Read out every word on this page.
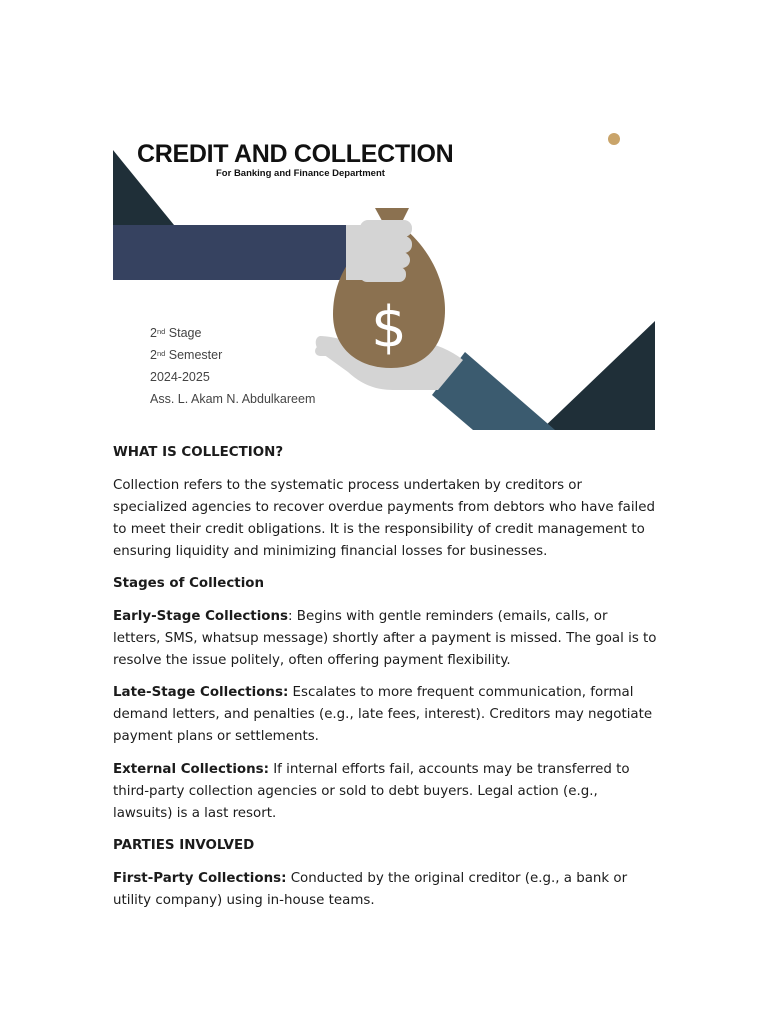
$
CREDIT AND COLLECTION
For Banking and Finance Department
2nd Stage
2nd Semester
2024-2025
Ass. L. Akam N. Abdulkareem
WHAT IS COLLECTION?

Collection refers to the systematic process undertaken by creditors or specialized agencies to recover overdue payments from debtors who have failed to meet their credit obligations. It is the responsibility of credit management to ensuring liquidity and minimizing financial losses for businesses.

Stages of Collection

Early-Stage Collections: Begins with gentle reminders (emails, calls, or letters, SMS, whatsup message) shortly after a payment is missed. The goal is to resolve the issue politely, often offering payment flexibility.

Late-Stage Collections: Escalates to more frequent communication, formal demand letters, and penalties (e.g., late fees, interest). Creditors may negotiate payment plans or settlements.

External Collections: If internal efforts fail, accounts may be transferred to third-party collection agencies or sold to debt buyers. Legal action (e.g., lawsuits) is a last resort.

PARTIES INVOLVED

First-Party Collections: Conducted by the original creditor (e.g., a bank or utility company) using in-house teams.
